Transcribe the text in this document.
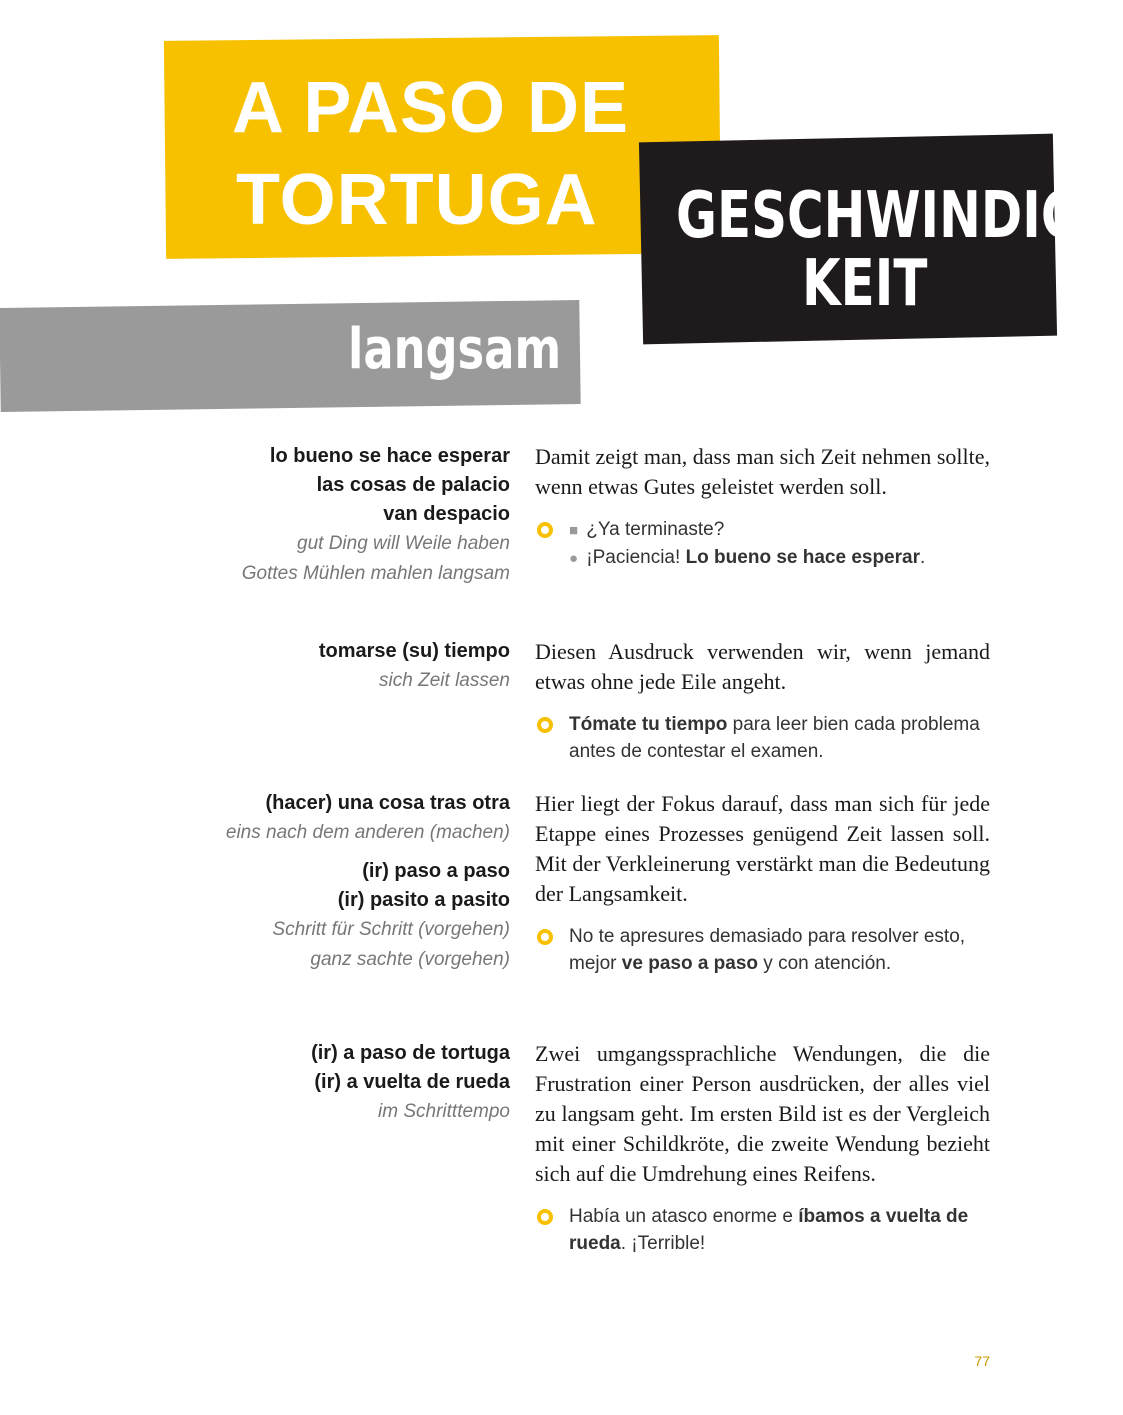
A PASO DE
TORTUGA GESCHWINDIG-
KEIT
langsam
lo bueno se hace esperar
las cosas de palacio
van despacio
gut Ding will Weile haben
Gottes Mühlen mahlen langsam

Damit zeigt man, dass man sich Zeit nehmen sollte, wenn etwas Gutes geleistet werden soll.

■ ¿Ya terminaste?
● ¡Paciencia! Lo bueno se hace esperar.
tomarse (su) tiempo
sich Zeit lassen

Diesen Ausdruck verwenden wir, wenn jemand etwas ohne jede Eile angeht.

Tómate tu tiempo para leer bien cada problema antes de contestar el examen.
(hacer) una cosa tras otra
eins nach dem anderen (machen)
(ir) paso a paso
(ir) pasito a pasito
Schritt für Schritt (vorgehen)
ganz sachte (vorgehen)

Hier liegt der Fokus darauf, dass man sich für jede Etappe eines Prozesses genügend Zeit lassen soll. Mit der Verkleinerung verstärkt man die Bedeutung der Langsamkeit.

No te apresures demasiado para resolver esto, mejor ve paso a paso y con atención.
(ir) a paso de tortuga
(ir) a vuelta de rueda
im Schritttempo

Zwei umgangssprachliche Wendungen, die die Frustration einer Person ausdrücken, der alles viel zu langsam geht. Im ersten Bild ist es der Vergleich mit einer Schildkröte, die zweite Wendung bezieht sich auf die Umdrehung eines Reifens.

Había un atasco enorme e íbamos a vuelta de rueda. ¡Terrible!
77
